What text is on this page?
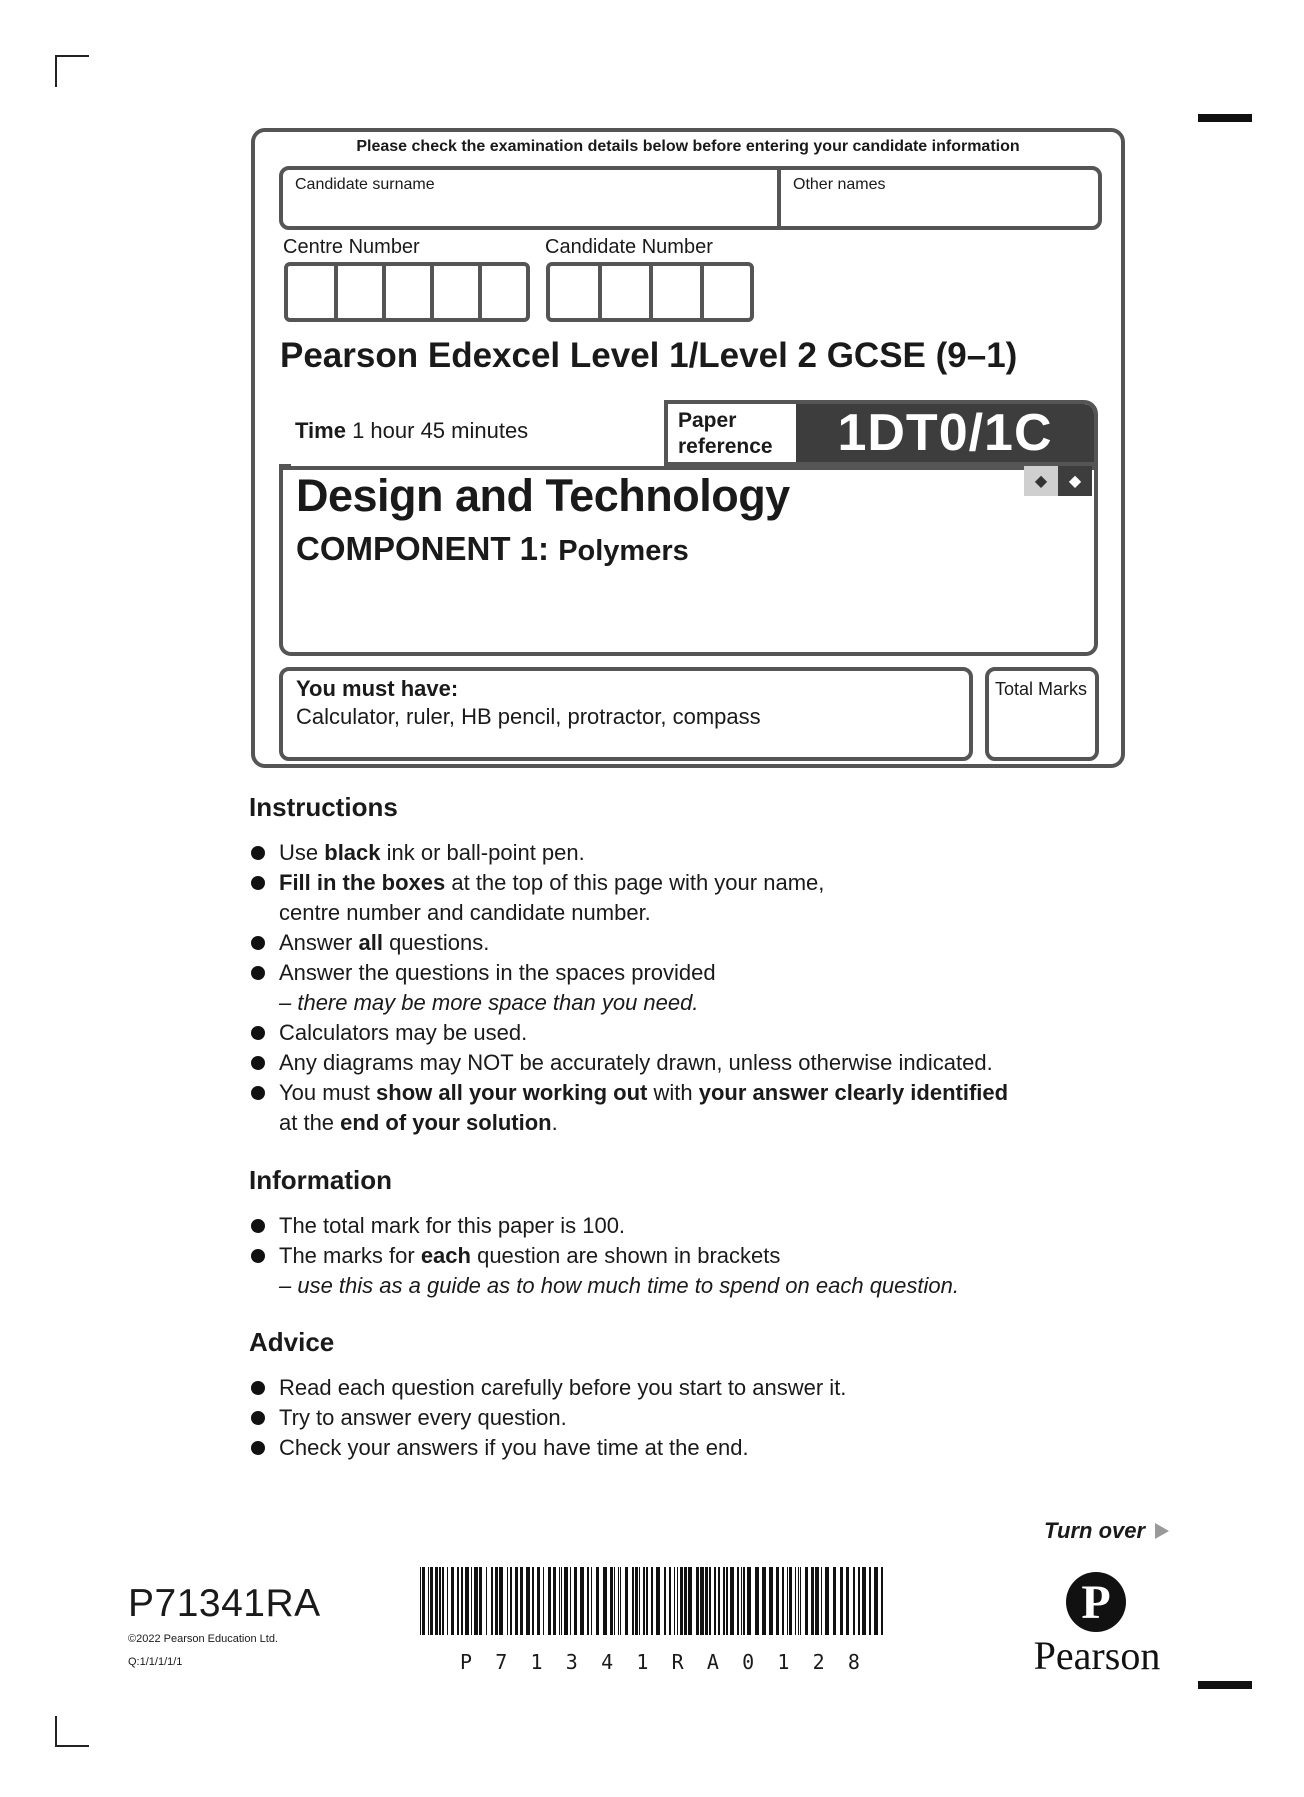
Please check the examination details below before entering your candidate information
Candidate surname	Other names
Centre Number	Candidate Number
Pearson Edexcel Level 1/Level 2 GCSE (9–1)
Time 1 hour 45 minutes	Paper
reference	1DT0/1C
◆	◆
Design and Technology
COMPONENT 1: Polymers
You must have:
Calculator, ruler, HB pencil, protractor, compass
Total Marks
Instructions
Use black ink or ball-point pen.
Fill in the boxes at the top of this page with your name,
centre number and candidate number.
Answer all questions.
Answer the questions in the spaces provided
– there may be more space than you need.
Calculators may be used.
Any diagrams may NOT be accurately drawn, unless otherwise indicated.
You must show all your working out with your answer clearly identified
at the end of your solution.
Information
The total mark for this paper is 100.
The marks for each question are shown in brackets
– use this as a guide as to how much time to spend on each question.
Advice
Read each question carefully before you start to answer it.
Try to answer every question.
Check your answers if you have time at the end.
Turn over
P71341RA
©2022 Pearson Education Ltd.
Q:1/1/1/1/1	P 7 1 3 4 1 R A 0 1 2 8
P
Pearson
